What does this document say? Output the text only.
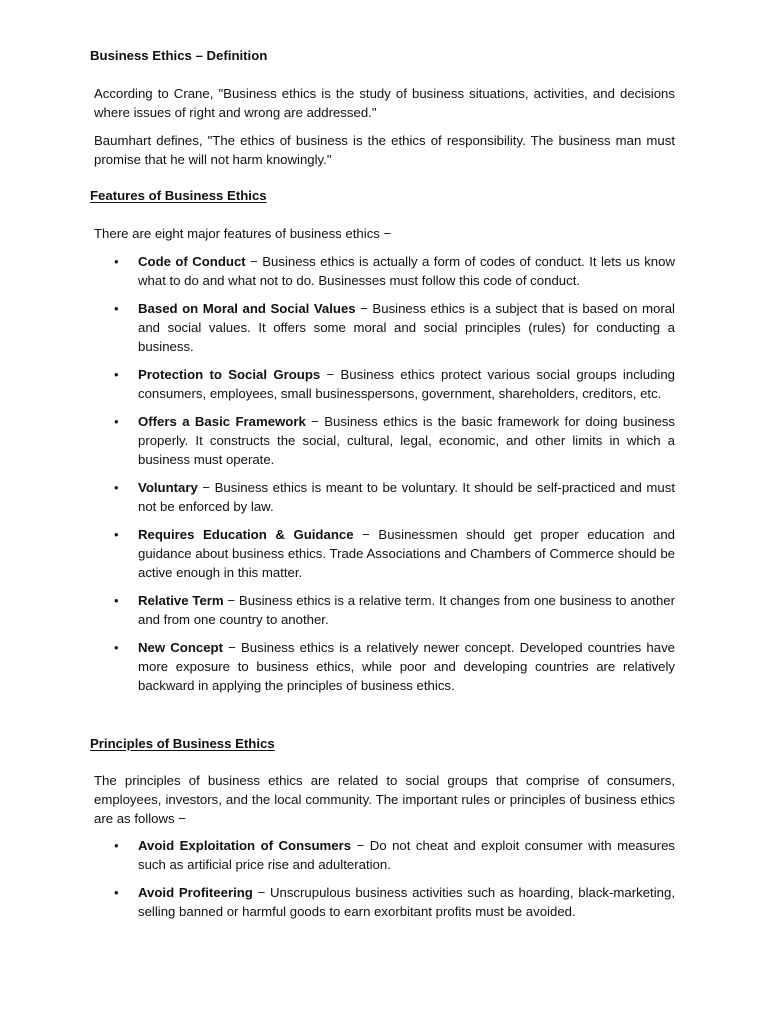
Business Ethics – Definition

According to Crane, "Business ethics is the study of business situations, activities, and decisions where issues of right and wrong are addressed."

Baumhart defines, "The ethics of business is the ethics of responsibility. The business man must promise that he will not harm knowingly."

Features of Business Ethics

There are eight major features of business ethics −

• Code of Conduct − Business ethics is actually a form of codes of conduct. It lets us know what to do and what not to do. Businesses must follow this code of conduct.
• Based on Moral and Social Values − Business ethics is a subject that is based on moral and social values. It offers some moral and social principles (rules) for conducting a business.
• Protection to Social Groups − Business ethics protect various social groups including consumers, employees, small businesspersons, government, shareholders, creditors, etc.
• Offers a Basic Framework − Business ethics is the basic framework for doing business properly. It constructs the social, cultural, legal, economic, and other limits in which a business must operate.
• Voluntary − Business ethics is meant to be voluntary. It should be self-practiced and must not be enforced by law.
• Requires Education & Guidance − Businessmen should get proper education and guidance about business ethics. Trade Associations and Chambers of Commerce should be active enough in this matter.
• Relative Term − Business ethics is a relative term. It changes from one business to another and from one country to another.
• New Concept − Business ethics is a relatively newer concept. Developed countries have more exposure to business ethics, while poor and developing countries are relatively backward in applying the principles of business ethics.
Principles of Business Ethics

The principles of business ethics are related to social groups that comprise of consumers, employees, investors, and the local community. The important rules or principles of business ethics are as follows −

• Avoid Exploitation of Consumers − Do not cheat and exploit consumer with measures such as artificial price rise and adulteration.
• Avoid Profiteering − Unscrupulous business activities such as hoarding, black-marketing, selling banned or harmful goods to earn exorbitant profits must be avoided.
